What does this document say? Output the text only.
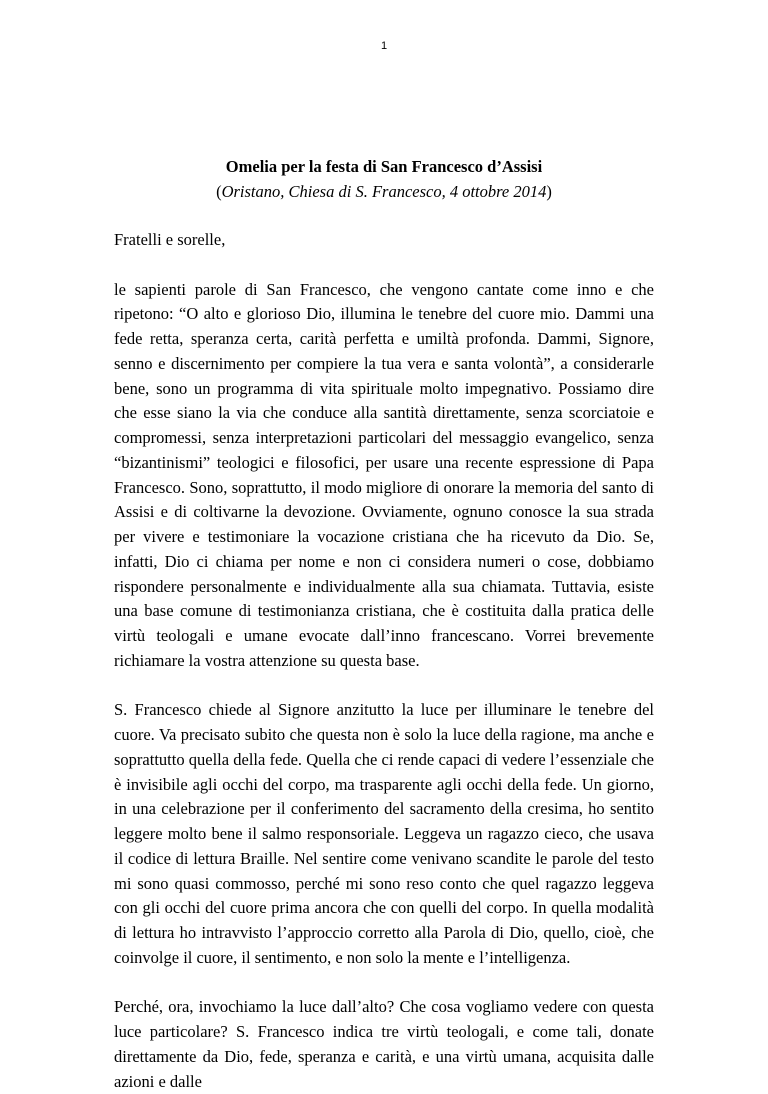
1
Omelia per la festa di San Francesco d’Assisi
(Oristano, Chiesa di S. Francesco, 4 ottobre 2014)

Fratelli e sorelle,

le sapienti parole di San Francesco, che vengono cantate come inno e che ripetono: “O alto e glorioso Dio, illumina le tenebre del cuore mio. Dammi una fede retta, speranza certa, carità perfetta e umiltà profonda. Dammi, Signore, senno e discernimento per compiere la tua vera e santa volontà”, a considerarle bene, sono un programma di vita spirituale molto impegnativo. Possiamo dire che esse siano la via che conduce alla santità direttamente, senza scorciatoie e compromessi, senza interpretazioni particolari del messaggio evangelico, senza “bizantinismi” teologici e filosofici, per usare una recente espressione di Papa Francesco. Sono, soprattutto, il modo migliore di onorare la memoria del santo di Assisi e di coltivarne la devozione. Ovviamente, ognuno conosce la sua strada per vivere e testimoniare la vocazione cristiana che ha ricevuto da Dio. Se, infatti, Dio ci chiama per nome e non ci considera numeri o cose, dobbiamo rispondere personalmente e individualmente alla sua chiamata. Tuttavia, esiste una base comune di testimonianza cristiana, che è costituita dalla pratica delle virtù teologali e umane evocate dall’inno francescano. Vorrei brevemente richiamare la vostra attenzione su questa base.

S. Francesco chiede al Signore anzitutto la luce per illuminare le tenebre del cuore. Va precisato subito che questa non è solo la luce della ragione, ma anche e soprattutto quella della fede. Quella che ci rende capaci di vedere l’essenziale che è invisibile agli occhi del corpo, ma trasparente agli occhi della fede. Un giorno, in una celebrazione per il conferimento del sacramento della cresima, ho sentito leggere molto bene il salmo responsoriale. Leggeva un ragazzo cieco, che usava il codice di lettura Braille. Nel sentire come venivano scandite le parole del testo mi sono quasi commosso, perché mi sono reso conto che quel ragazzo leggeva con gli occhi del cuore prima ancora che con quelli del corpo. In quella modalità di lettura ho intravvisto l’approccio corretto alla Parola di Dio, quello, cioè, che coinvolge il cuore, il sentimento, e non solo la mente e l’intelligenza.

Perché, ora, invochiamo la luce dall’alto? Che cosa vogliamo vedere con questa luce particolare? S. Francesco indica tre virtù teologali, e come tali, donate direttamente da Dio, fede, speranza e carità, e una virtù umana, acquisita dalle azioni e dalle
